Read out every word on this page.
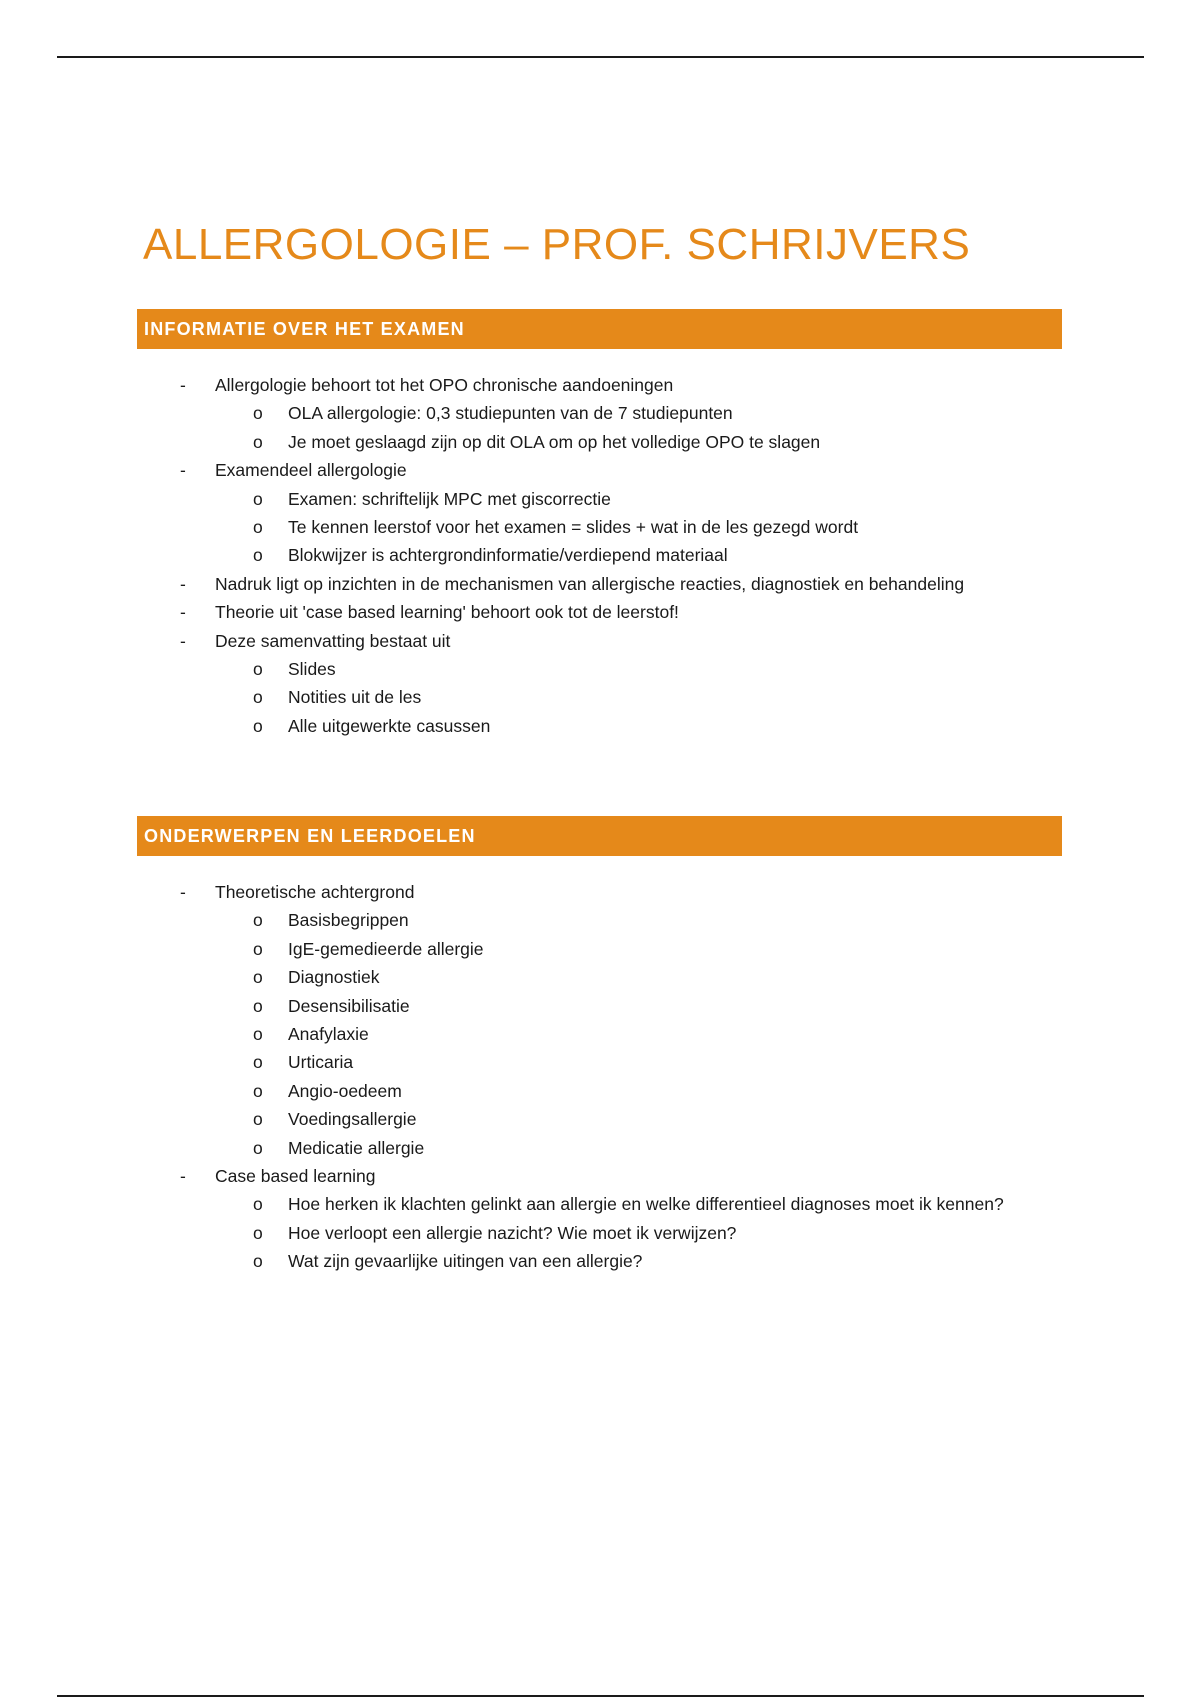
ALLERGOLOGIE – PROF. SCHRIJVERS
INFORMATIE OVER HET EXAMEN
- Allergologie behoort tot het OPO chronische aandoeningen
o OLA allergologie: 0,3 studiepunten van de 7 studiepunten
o Je moet geslaagd zijn op dit OLA om op het volledige OPO te slagen
- Examendeel allergologie
o Examen: schriftelijk MPC met giscorrectie
o Te kennen leerstof voor het examen = slides + wat in de les gezegd wordt
o Blokwijzer is achtergrondinformatie/verdiepend materiaal
- Nadruk ligt op inzichten in de mechanismen van allergische reacties, diagnostiek en behandeling
- Theorie uit 'case based learning' behoort ook tot de leerstof!
- Deze samenvatting bestaat uit
o Slides
o Notities uit de les
o Alle uitgewerkte casussen
ONDERWERPEN EN LEERDOELEN
- Theoretische achtergrond
o Basisbegrippen
o IgE-gemedieerde allergie
o Diagnostiek
o Desensibilisatie
o Anafylaxie
o Urticaria
o Angio-oedeem
o Voedingsallergie
o Medicatie allergie
- Case based learning
o Hoe herken ik klachten gelinkt aan allergie en welke differentieel diagnoses moet ik kennen?
o Hoe verloopt een allergie nazicht? Wie moet ik verwijzen?
o Wat zijn gevaarlijke uitingen van een allergie?
